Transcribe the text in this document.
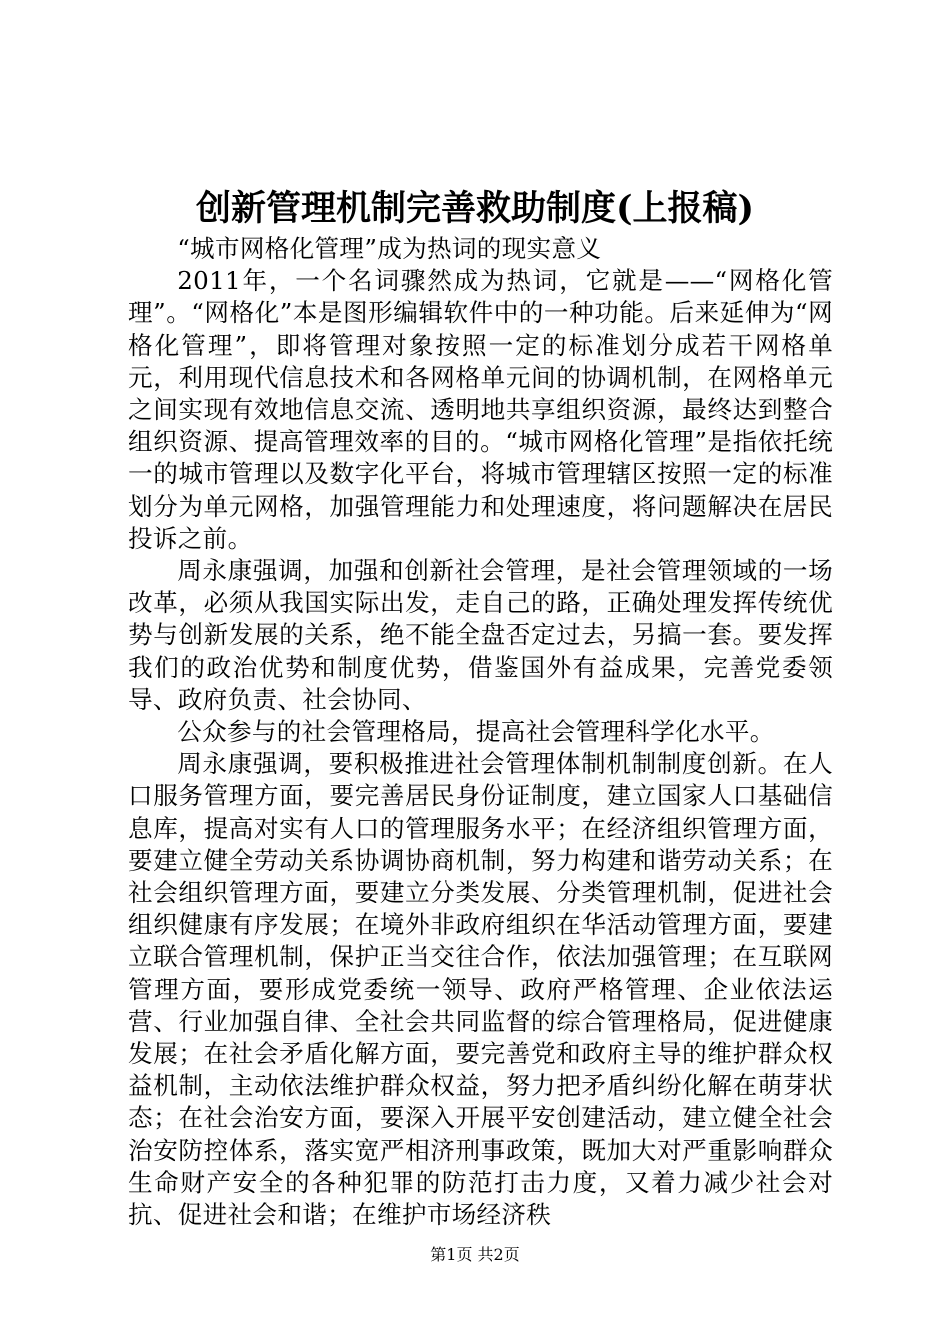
创新管理机制完善救助制度(上报稿)

“城市网格化管理”成为热词的现实意义

2011年，一个名词骤然成为热词，它就是——“网格化管理”。“网格化”本是图形编辑软件中的一种功能。后来延伸为“网格化管理”，即将管理对象按照一定的标准划分成若干网格单元，利用现代信息技术和各网格单元间的协调机制，在网格单元之间实现有效地信息交流、透明地共享组织资源，最终达到整合组织资源、提高管理效率的目的。“城市网格化管理”是指依托统一的城市管理以及数字化平台，将城市管理辖区按照一定的标准划分为单元网格，加强管理能力和处理速度，将问题解决在居民投诉之前。

周永康强调，加强和创新社会管理，是社会管理领域的一场改革，必须从我国实际出发，走自己的路，正确处理发挥传统优势与创新发展的关系，绝不能全盘否定过去，另搞一套。要发挥我们的政治优势和制度优势，借鉴国外有益成果，完善党委领导、政府负责、社会协同、

公众参与的社会管理格局，提高社会管理科学化水平。

周永康强调，要积极推进社会管理体制机制制度创新。在人口服务管理方面，要完善居民身份证制度，建立国家人口基础信息库，提高对实有人口的管理服务水平；在经济组织管理方面，要建立健全劳动关系协调协商机制，努力构建和谐劳动关系；在社会组织管理方面，要建立分类发展、分类管理机制，促进社会组织健康有序发展；在境外非政府组织在华活动管理方面，要建立联合管理机制，保护正当交往合作，依法加强管理；在互联网管理方面，要形成党委统一领导、政府严格管理、企业依法运营、行业加强自律、全社会共同监督的综合管理格局，促进健康发展；在社会矛盾化解方面，要完善党和政府主导的维护群众权益机制，主动依法维护群众权益，努力把矛盾纠纷化解在萌芽状态；在社会治安方面，要深入开展平安创建活动，建立健全社会治安防控体系，落实宽严相济刑事政策，既加大对严重影响群众生命财产安全的各种犯罪的防范打击力度，又着力减少社会对抗、促进社会和谐；在维护市场经济秩

第1页 共2页
